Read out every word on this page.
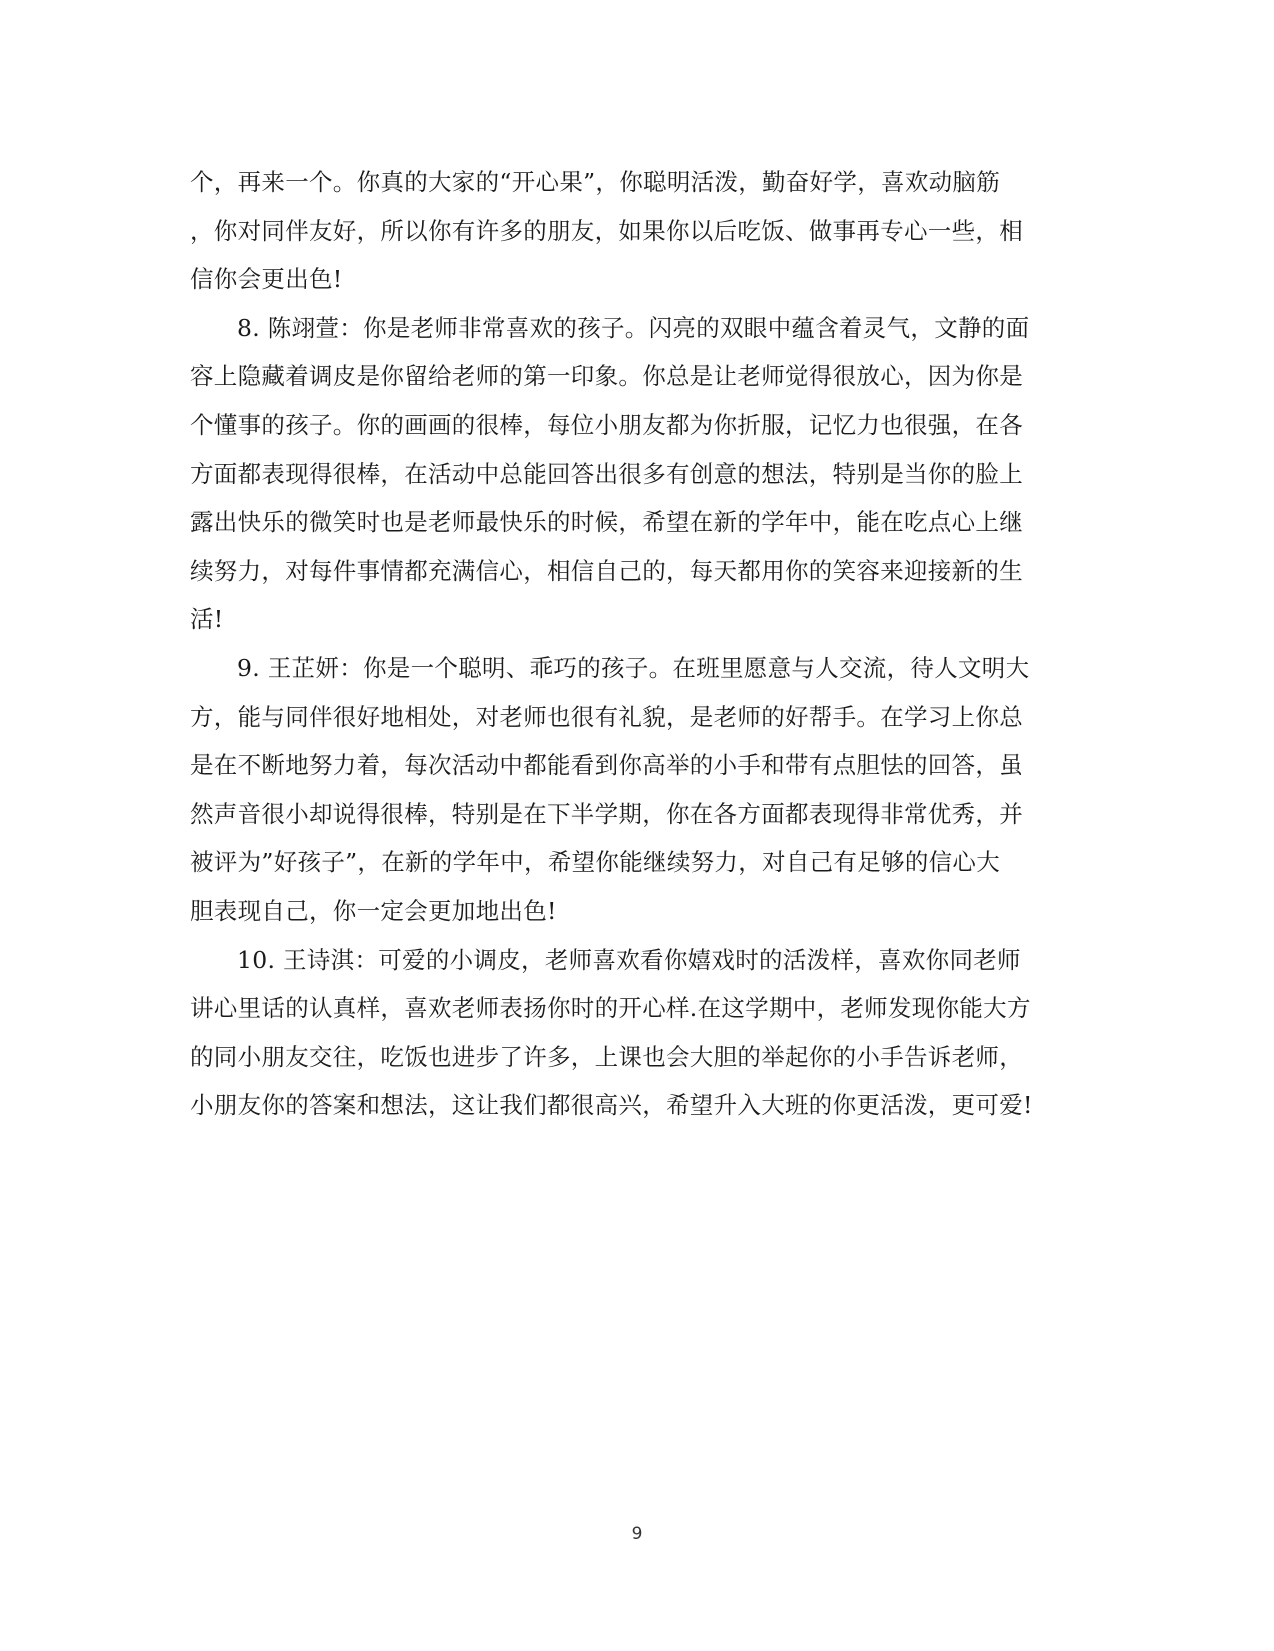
个，再来一个。你真的大家的“开心果”，你聪明活泼，勤奋好学，喜欢动脑筋
，你对同伴友好，所以你有许多的朋友，如果你以后吃饭、做事再专心一些，相
信你会更出色!
8. 陈翊萱：你是老师非常喜欢的孩子。闪亮的双眼中蕴含着灵气，文静的面
容上隐藏着调皮是你留给老师的第一印象。你总是让老师觉得很放心，因为你是
个懂事的孩子。你的画画的很棒，每位小朋友都为你折服，记忆力也很强，在各
方面都表现得很棒，在活动中总能回答出很多有创意的想法，特别是当你的脸上
露出快乐的微笑时也是老师最快乐的时候，希望在新的学年中，能在吃点心上继
续努力，对每件事情都充满信心，相信自己的，每天都用你的笑容来迎接新的生
活!
9. 王芷妍：你是一个聪明、乖巧的孩子。在班里愿意与人交流，待人文明大
方，能与同伴很好地相处，对老师也很有礼貌，是老师的好帮手。在学习上你总
是在不断地努力着，每次活动中都能看到你高举的小手和带有点胆怯的回答，虽
然声音很小却说得很棒，特别是在下半学期，你在各方面都表现得非常优秀，并
被评为”好孩子”，在新的学年中，希望你能继续努力，对自己有足够的信心大
胆表现自己，你一定会更加地出色!
10. 王诗淇：可爱的小调皮，老师喜欢看你嬉戏时的活泼样，喜欢你同老师
讲心里话的认真样，喜欢老师表扬你时的开心样.在这学期中，老师发现你能大方
的同小朋友交往，吃饭也进步了许多，上课也会大胆的举起你的小手告诉老师，
小朋友你的答案和想法，这让我们都很高兴，希望升入大班的你更活泼，更可爱!
9
